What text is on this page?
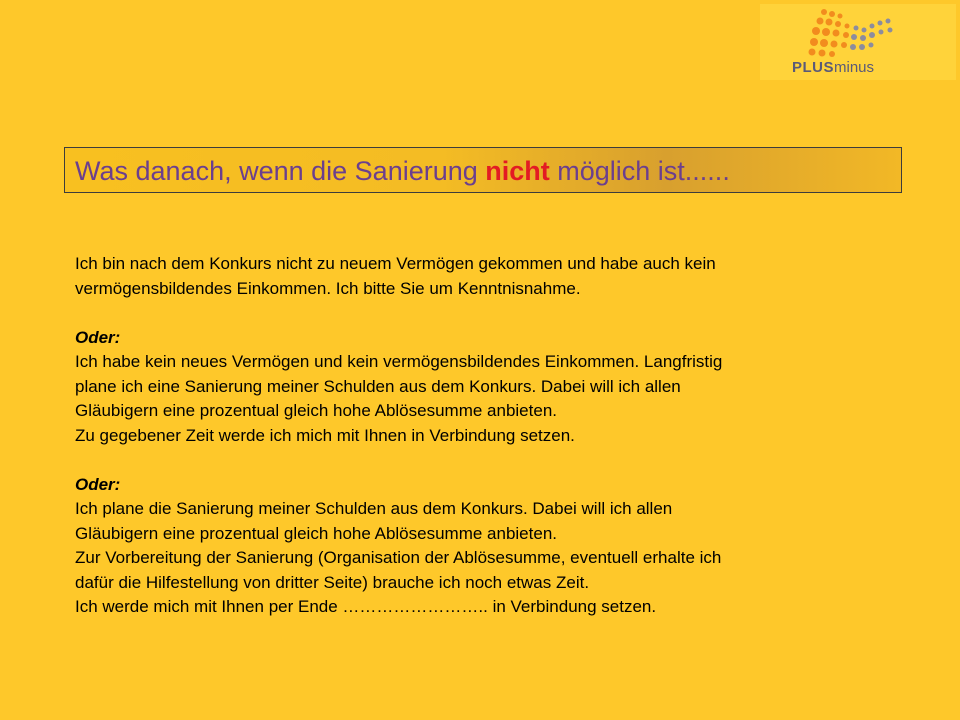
PLUSminus
Was danach, wenn die Sanierung nicht möglich ist......

Ich bin nach dem Konkurs nicht zu neuem Vermögen gekommen und habe auch kein

vermögensbildendes Einkommen. Ich bitte Sie um Kenntnisnahme.

Oder:

Ich habe kein neues Vermögen und kein vermögensbildendes Einkommen. Langfristig

plane ich eine Sanierung meiner Schulden aus dem Konkurs. Dabei will ich allen

Gläubigern eine prozentual gleich hohe Ablösesumme anbieten.

Zu gegebener Zeit werde ich mich mit Ihnen in Verbindung setzen.

Oder:

Ich plane die Sanierung meiner Schulden aus dem Konkurs. Dabei will ich allen

Gläubigern eine prozentual gleich hohe Ablösesumme anbieten.

Zur Vorbereitung der Sanierung (Organisation der Ablösesumme, eventuell erhalte ich

dafür die Hilfestellung von dritter Seite) brauche ich noch etwas Zeit.

Ich werde mich mit Ihnen per Ende …………………….. in Verbindung setzen.
